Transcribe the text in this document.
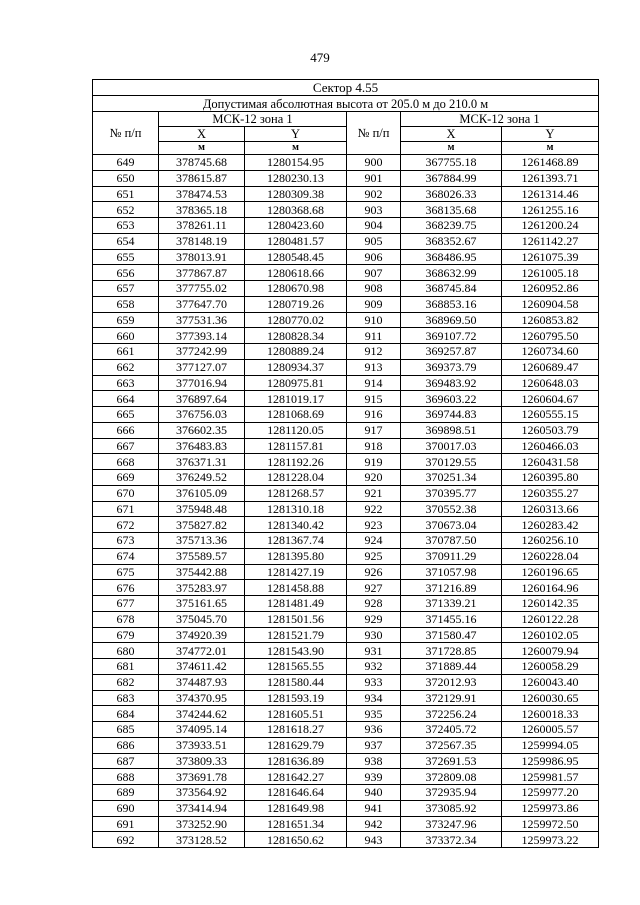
479
Сектор 4.55					
Допустимая абсолютная высота от 205.0 м до 210.0 м					
№ п/п	МСК-12 зона 1		№ п/п	МСК-12 зона 1	
	X	Y		X	Y
	м	м		м	м
649	378745.68	1280154.95	900	367755.18	1261468.89
650	378615.87	1280230.13	901	367884.99	1261393.71
651	378474.53	1280309.38	902	368026.33	1261314.46
652	378365.18	1280368.68	903	368135.68	1261255.16
653	378261.11	1280423.60	904	368239.75	1261200.24
654	378148.19	1280481.57	905	368352.67	1261142.27
655	378013.91	1280548.45	906	368486.95	1261075.39
656	377867.87	1280618.66	907	368632.99	1261005.18
657	377755.02	1280670.98	908	368745.84	1260952.86
658	377647.70	1280719.26	909	368853.16	1260904.58
659	377531.36	1280770.02	910	368969.50	1260853.82
660	377393.14	1280828.34	911	369107.72	1260795.50
661	377242.99	1280889.24	912	369257.87	1260734.60
662	377127.07	1280934.37	913	369373.79	1260689.47
663	377016.94	1280975.81	914	369483.92	1260648.03
664	376897.64	1281019.17	915	369603.22	1260604.67
665	376756.03	1281068.69	916	369744.83	1260555.15
666	376602.35	1281120.05	917	369898.51	1260503.79
667	376483.83	1281157.81	918	370017.03	1260466.03
668	376371.31	1281192.26	919	370129.55	1260431.58
669	376249.52	1281228.04	920	370251.34	1260395.80
670	376105.09	1281268.57	921	370395.77	1260355.27
671	375948.48	1281310.18	922	370552.38	1260313.66
672	375827.82	1281340.42	923	370673.04	1260283.42
673	375713.36	1281367.74	924	370787.50	1260256.10
674	375589.57	1281395.80	925	370911.29	1260228.04
675	375442.88	1281427.19	926	371057.98	1260196.65
676	375283.97	1281458.88	927	371216.89	1260164.96
677	375161.65	1281481.49	928	371339.21	1260142.35
678	375045.70	1281501.56	929	371455.16	1260122.28
679	374920.39	1281521.79	930	371580.47	1260102.05
680	374772.01	1281543.90	931	371728.85	1260079.94
681	374611.42	1281565.55	932	371889.44	1260058.29
682	374487.93	1281580.44	933	372012.93	1260043.40
683	374370.95	1281593.19	934	372129.91	1260030.65
684	374244.62	1281605.51	935	372256.24	1260018.33
685	374095.14	1281618.27	936	372405.72	1260005.57
686	373933.51	1281629.79	937	372567.35	1259994.05
687	373809.33	1281636.89	938	372691.53	1259986.95
688	373691.78	1281642.27	939	372809.08	1259981.57
689	373564.92	1281646.64	940	372935.94	1259977.20
690	373414.94	1281649.98	941	373085.92	1259973.86
691	373252.90	1281651.34	942	373247.96	1259972.50
692	373128.52	1281650.62	943	373372.34	1259973.22
